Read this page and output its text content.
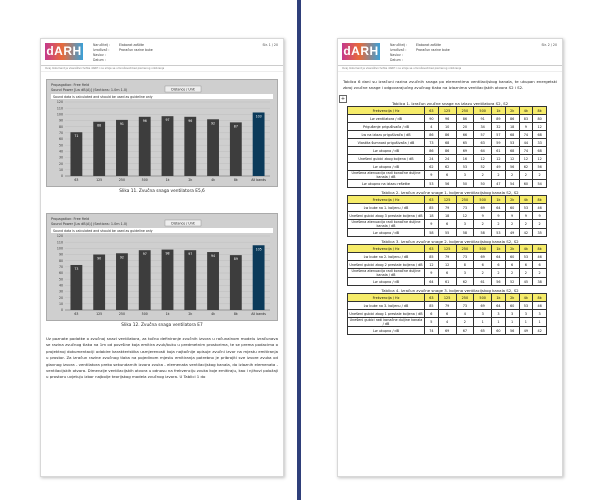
dARH	Naručitelj :
Izrađivač :
Naslov :
Datum :
Elaborat zaštite
Proračun razine buke
Str. 1 / 20
Ovaj dokument je vlasništvo tvrtke dARH i ne smije se umnožavati bez pismenog odobrenja
Propagation: Free field
Sound Power [Lw dB(A)] (Sections: 1.0m 1.0)	Distance / Unit
Sound data is calculated and should be used as guideline only
0
10
20
30
40
50
60
70
80
90
100
110
120
71
63
88
125
91
250
96
500
97
1k
96
2k
92
4k
87
8k
103
All bands
Slika 11. Zvučna snaga ventilatora E5,6
Propagation: Free field
Sound Power [Lw dB(A)] (Sections: 1.0m 1.0)	Distance / Unit
Sound data is calculated and should be used as guideline only
0
10
20
30
40
50
60
70
80
90
100
110
120
73
63
90
125
92
250
97
500
98
1k
97
2k
94
4k
89
8k
105
All bands
Slika 12. Zvučna snaga ventilatora E7
Uz poznate podatke o zvučnoj snazi ventilatora, za točno definiranje zvučnih izvora u računalnom modelu izračunava se razina zvučnog tlaka na 1m od površine koja emitira zvuk/buku u predmetnim prostorima, te se prema podacima o projektnoj dokumentaciji odabire karakteristika usmjerenosti koja najtočnije opisuje zvučni izvor na mjestu emitiranja u prostor. Za izračun razine zvučnog tlaka na pojedinom mjestu emitiranja potrebno je pribrojiti sve izvore zvuka od glavnog izvora - ventilatora preko sekundarnih izvora zvuka - elemenata ventilacijskog kanala, do izlaznih elemenata - ventilacijskih otvora. Dimenzije ventilacijskih otvora u odnosu na frekvenciju zvuka koje emitiraju, kao i njihovi položaji u prostoru uvjetuju izbor najbolje teorijskog modela zvučnog izvora. U Tablici 1 do
dARH	Naručitelj :
Izrađivač :
Naslov :
Datum :
Elaborat zaštite
Proračun razine buke
Str. 2 / 20
Ovaj dokument je vlasništvo tvrtke dARH i ne smije se umnožavati bez pismenog odobrenja
Tablica 6 dani su izračuni razina zvučnih snaga po elementima ventilacijskog kanala, te ukupan energetski zbroj zvučne snage i odgovarajućeg zvučnog tlaka na izlaznima ventilacijskih otvora S2 i S2.
+
Tablica 1. Izračun zvučne snage na izlazu ventilatora S2, S2
Frekvencija / Hz	63	125	250	500	1k	2k	4k	8k
Lw ventilatora / dB	90	96	86	91	89	86	83	80
Prigušenje prigušivača / dB	4	10	20	34	32	18	9	12
Lw na izlazu prigušivača / dB	86	86	66	57	57	68	74	68
Vlastita šumnost prigušivača / dB	73	68	65	63	59	53	44	33
Lw ukupno / dB	86	86	69	64	61	68	74	68
Unešeni gubici zbog koljena / dB	24	24	16	12	12	12	12	12
Lw ukupno / dB	62	62	53	52	49	56	62	56
Unešena atenuacija radi konačne duljine kanala / dB	9	6	3	2	2	2	2	2
Lw ukupno na izlazu rešetke	53	56	50	50	47	54	60	54
Tablica 2. Izračun zvučne snage 1. koljena ventilacijskog kanala S2, S2
Frekvencija / Hz	63	125	250	500	1k	2k	4k	8k
Lw buke na 1. koljenu / dB	85	79	73	69	64	60	53	46
Unešeni gubici zbog 3 prestale koljena / dB	18	18	12	9	9	9	9	9
Unešena atenuacija radi konačne duljine kanala / dB	9	6	3	2	2	2	2	2
Lw ukupno / dB	58	55	58	58	53	49	42	35
Tablica 3. Izračun zvučne snage 2. koljena ventilacijskog kanala S2, S2
Frekvencija / Hz	63	125	250	500	1k	2k	4k	8k
Lw buke na 2. koljenu / dB	85	79	73	69	64	60	53	46
Unešeni gubici zbog 2 prestale koljena / dB	12	12	8	6	6	6	6	6
Unešena atenuacija radi konačne duljine kanala / dB	9	6	3	2	2	2	2	2
Lw ukupno / dB	64	61	62	61	56	52	45	38
Tablica 4. Izračun zvučne snage 3. koljena ventilacijskog kanala S2, S2
Frekvencija / Hz	63	125	250	500	1k	2k	4k	8k
Lw buke na 3. koljenu / dB	85	79	73	69	64	60	53	46
Unešeni gubici zbog 1 prestale koljena / dB	6	6	4	3	3	3	3	3
Unešeni gubici radi konačne duljine kanala / dB	5	4	2	1	1	1	1	1
Lw ukupno / dB	74	69	67	65	60	56	49	42
